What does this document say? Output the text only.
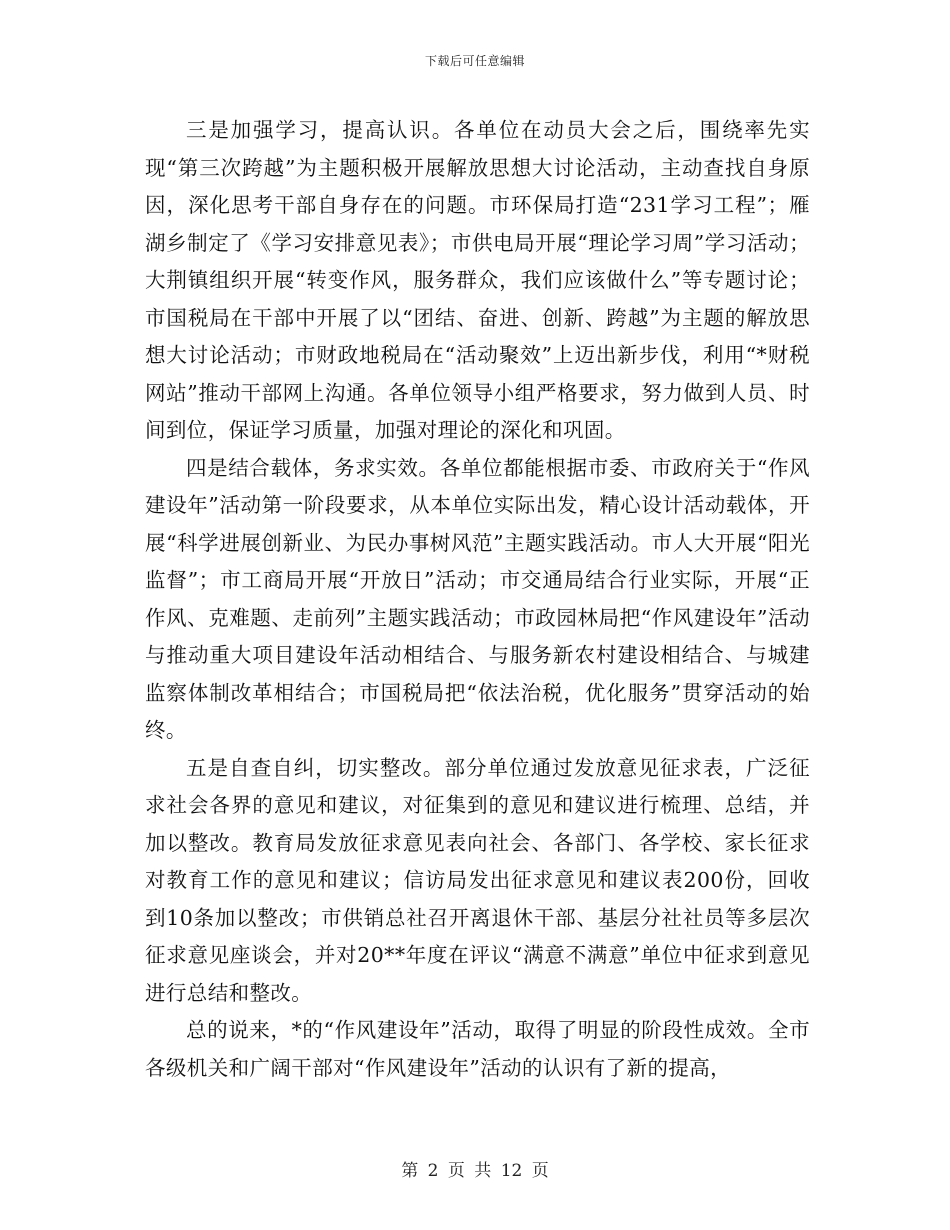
下载后可任意编辑

三是加强学习，提高认识。各单位在动员大会之后，围绕率先实现“第三次跨越”为主题积极开展解放思想大讨论活动，主动查找自身原因，深化思考干部自身存在的问题。市环保局打造“231学习工程”；雁湖乡制定了《学习安排意见表》；市供电局开展“理论学习周”学习活动；大荆镇组织开展“转变作风，服务群众，我们应该做什么”等专题讨论；市国税局在干部中开展了以“团结、奋进、创新、跨越”为主题的解放思想大讨论活动；市财政地税局在“活动聚效”上迈出新步伐，利用“*财税网站”推动干部网上沟通。各单位领导小组严格要求，努力做到人员、时间到位，保证学习质量，加强对理论的深化和巩固。

四是结合载体，务求实效。各单位都能根据市委、市政府关于“作风建设年”活动第一阶段要求，从本单位实际出发，精心设计活动载体，开展“科学进展创新业、为民办事树风范”主题实践活动。市人大开展“阳光监督”；市工商局开展“开放日”活动；市交通局结合行业实际，开展“正作风、克难题、走前列”主题实践活动；市政园林局把“作风建设年”活动与推动重大项目建设年活动相结合、与服务新农村建设相结合、与城建监察体制改革相结合；市国税局把“依法治税，优化服务”贯穿活动的始终。

五是自查自纠，切实整改。部分单位通过发放意见征求表，广泛征求社会各界的意见和建议，对征集到的意见和建议进行梳理、总结，并加以整改。教育局发放征求意见表向社会、各部门、各学校、家长征求对教育工作的意见和建议；信访局发出征求意见和建议表200份，回收到10条加以整改；市供销总社召开离退休干部、基层分社社员等多层次征求意见座谈会，并对20**年度在评议“满意不满意”单位中征求到意见进行总结和整改。

总的说来，*的“作风建设年”活动，取得了明显的阶段性成效。全市各级机关和广阔干部对“作风建设年”活动的认识有了新的提高，

第 2 页 共 12 页
